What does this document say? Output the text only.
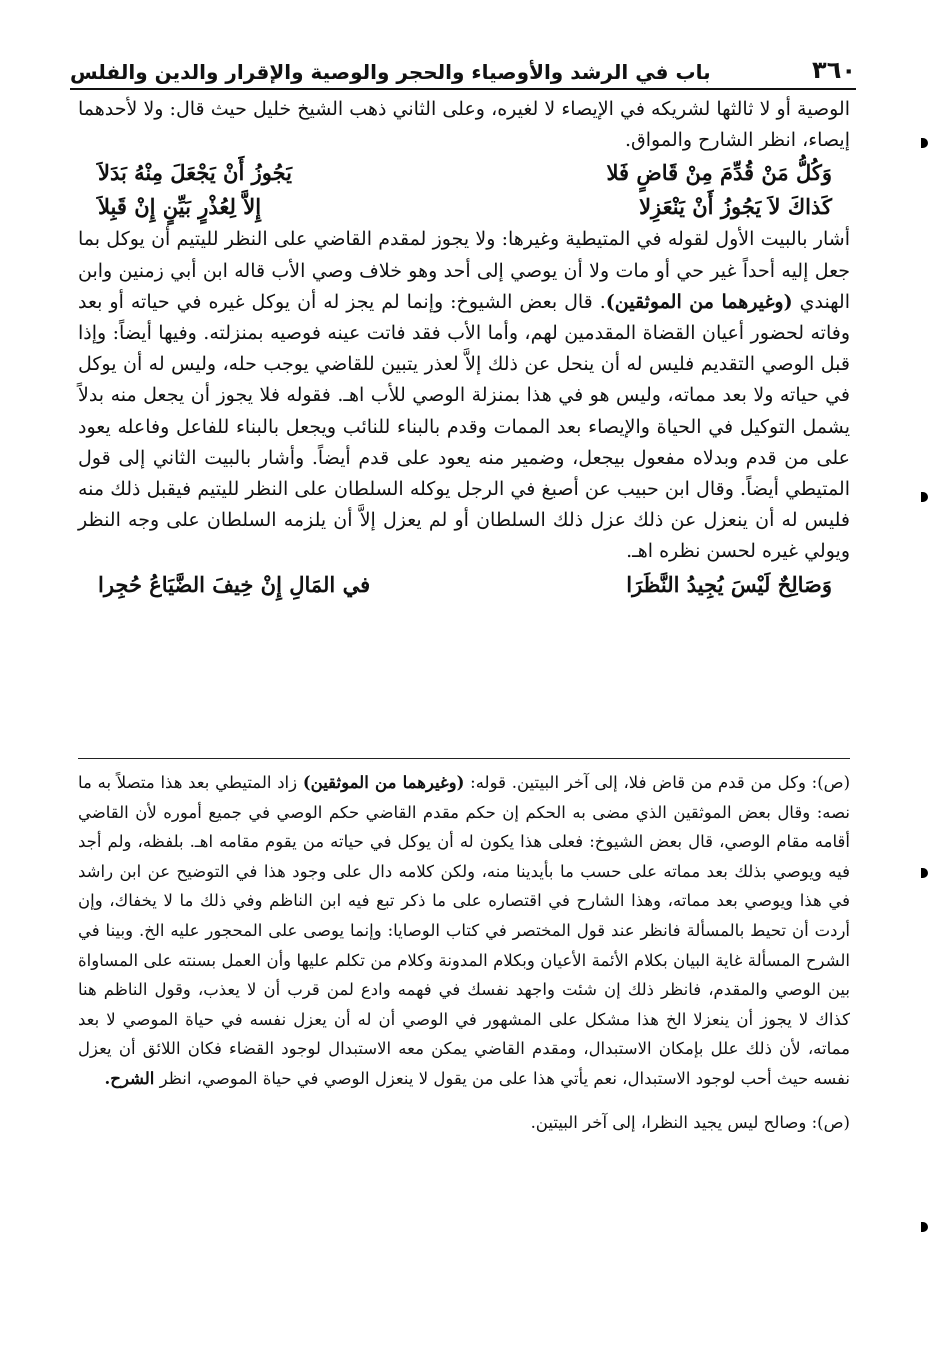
٣٦٠
باب في الرشد والأوصياء والحجر والوصية والإقرار والدين والفلس

الوصية أو لا ثالثها لشريكه في الإيصاء لا لغيره، وعلى الثاني ذهب الشيخ خليل حيث قال: ولا لأحدهما إيصاء، انظر الشارح والمواق.

وَكُلُّ مَنْ قُدِّمَ مِنْ قَاضٍ فَلا
يَجُوزُ أَنْ يَجْعَلَ مِنْهُ بَدَلاَ
كَذاكَ لاَ يَجُوزُ أَنْ يَنْعَزِلا
إِلاَّ لِعُذْرٍ بَيِّنٍ إِنْ قَبِلاَ

أشار بالبيت الأول لقوله في المتيطية وغيرها: ولا يجوز لمقدم القاضي على النظر لليتيم أن يوكل بما جعل إليه أحداً غير حي أو مات ولا أن يوصي إلى أحد وهو خلاف وصي الأب قاله ابن أبي زمنين وابن الهندي (وغيرهما من الموثقين). قال بعض الشيوخ: وإنما لم يجز له أن يوكل غيره في حياته أو بعد وفاته لحضور أعيان القضاة المقدمين لهم، وأما الأب فقد فاتت عينه فوصيه بمنزلته. وفيها أيضاً: وإذا قبل الوصي التقديم فليس له أن ينحل عن ذلك إلاَّ لعذر يتبين للقاضي يوجب حله، وليس له أن يوكل في حياته ولا بعد مماته، وليس هو في هذا بمنزلة الوصي للأب اهـ. فقوله فلا يجوز أن يجعل منه بدلاً يشمل التوكيل في الحياة والإيصاء بعد الممات وقدم بالبناء للنائب ويجعل بالبناء للفاعل وفاعله يعود على من قدم وبدلاه مفعول بيجعل، وضمير منه يعود على قدم أيضاً. وأشار بالبيت الثاني إلى قول المتيطي أيضاً. وقال ابن حبيب عن أصبغ في الرجل يوكله السلطان على النظر لليتيم فيقبل ذلك منه فليس له أن ينعزل عن ذلك عزل ذلك السلطان أو لم يعزل إلاَّ أن يلزمه السلطان على وجه النظر ويولي غيره لحسن نظره اهـ.

وَصَالِحٌ لَيْسَ يُجِيدُ النَّظَرَا
في المَالِ إِنْ خِيفَ الضَّيَاعُ حُجِرا

(ص): وكل من قدم من قاض فلا، إلى آخر البيتين. قوله: (وغيرهما من الموثقين) زاد المتيطي بعد هذا متصلاً به ما نصه: وقال بعض الموثقين الذي مضى به الحكم إن حكم مقدم القاضي حكم الوصي في جميع أموره لأن القاضي أقامه مقام الوصي، قال بعض الشيوخ: فعلى هذا يكون له أن يوكل في حياته من يقوم مقامه اهـ. بلفظه، ولم أجد فيه ويوصي بذلك بعد مماته على حسب ما بأيدينا منه، ولكن كلامه دال على وجود هذا في التوضيح عن ابن راشد في هذا ويوصي بعد مماته، وهذا الشارح في اقتصاره على ما ذكر تبع فيه ابن الناظم وفي ذلك ما لا يخفاك، وإن أردت أن تحيط بالمسألة فانظر عند قول المختصر في كتاب الوصايا: وإنما يوصى على المحجور عليه الخ. وبينا في الشرح المسألة غاية البيان بكلام الأئمة الأعيان وبكلام المدونة وكلام من تكلم عليها وأن العمل بسنته على المساواة بين الوصي والمقدم، فانظر ذلك إن شئت واجهد نفسك في فهمه وادع لمن قرب أن لا يعذب، وقول الناظم هنا كذاك لا يجوز أن ينعزلا الخ هذا مشكل على المشهور في الوصي أن له أن يعزل نفسه في حياة الموصي لا بعد مماته، لأن ذلك علل بإمكان الاستبدال، ومقدم القاضي يمكن معه الاستبدال لوجود القضاء فكان اللائق أن يعزل نفسه حيث أحب لوجود الاستبدال، نعم يأتي هذا على من يقول لا ينعزل الوصي في حياة الموصي، انظر الشرح.

(ص): وصالح ليس يجيد النظرا، إلى آخر البيتين.
